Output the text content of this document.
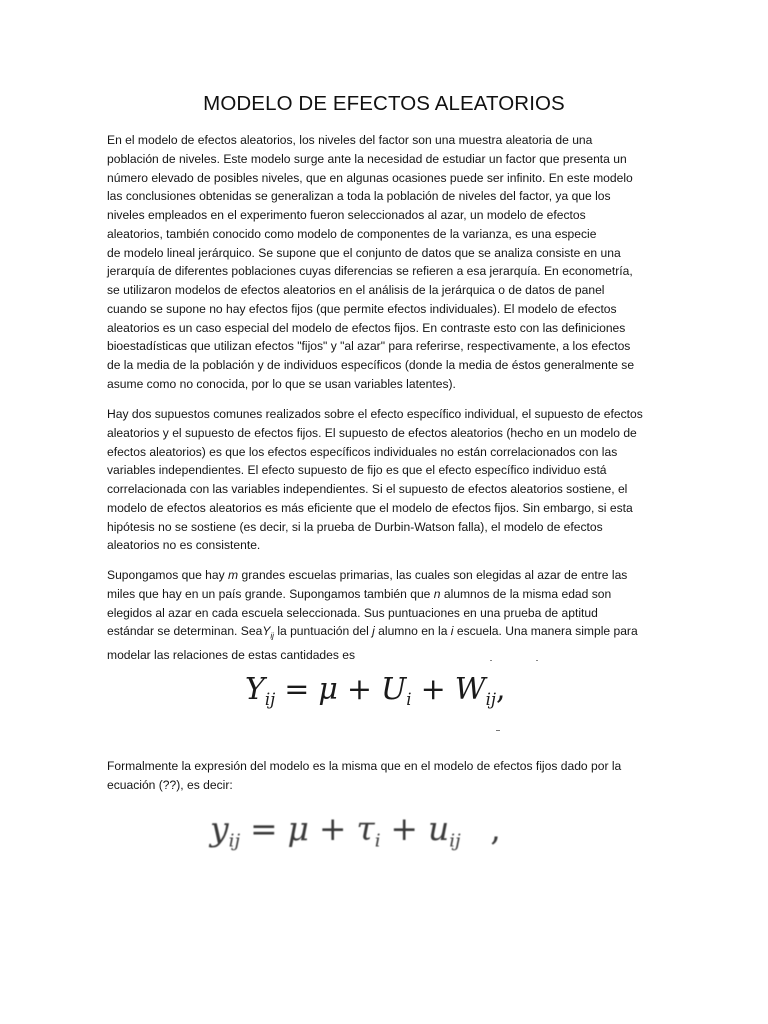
MODELO DE EFECTOS ALEATORIOS

En el modelo de efectos aleatorios, los niveles del factor son una muestra aleatoria de una
población de niveles. Este modelo surge ante la necesidad de estudiar un factor que presenta un
número elevado de posibles niveles, que en algunas ocasiones puede ser infinito. En este modelo
las conclusiones obtenidas se generalizan a toda la población de niveles del factor, ya que los
niveles empleados en el experimento fueron seleccionados al azar, un modelo de efectos
aleatorios, también conocido como modelo de componentes de la varianza, es una especie
de modelo lineal jerárquico. Se supone que el conjunto de datos que se analiza consiste en una
jerarquía de diferentes poblaciones cuyas diferencias se refieren a esa jerarquía. En econometría,
se utilizaron modelos de efectos aleatorios en el análisis de la jerárquica o de datos de panel
cuando se supone no hay efectos fijos (que permite efectos individuales). El modelo de efectos
aleatorios es un caso especial del modelo de efectos fijos. En contraste esto con las definiciones
bioestadísticas que utilizan efectos "fijos" y "al azar" para referirse, respectivamente, a los efectos
de la media de la población y de individuos específicos (donde la media de éstos generalmente se
asume como no conocida, por lo que se usan variables latentes).

Hay dos supuestos comunes realizados sobre el efecto específico individual, el supuesto de efectos
aleatorios y el supuesto de efectos fijos. El supuesto de efectos aleatorios (hecho en un modelo de
efectos aleatorios) es que los efectos específicos individuales no están correlacionados con las
variables independientes. El efecto supuesto de fijo es que el efecto específico individuo está
correlacionada con las variables independientes. Si el supuesto de efectos aleatorios sostiene, el
modelo de efectos aleatorios es más eficiente que el modelo de efectos fijos. Sin embargo, si esta
hipótesis no se sostiene (es decir, si la prueba de Durbin-Watson falla), el modelo de efectos
aleatorios no es consistente.

Supongamos que hay m grandes escuelas primarias, las cuales son elegidas al azar de entre las
miles que hay en un país grande. Supongamos también que n alumnos de la misma edad son
elegidos al azar en cada escuela seleccionada. Sus puntuaciones en una prueba de aptitud
estándar se determinan. SeaY$_{ij}$ la puntuación del j alumno en la i escuela. Una manera simple para
modelar las relaciones de estas cantidades es

$Y_{ij} = \mu + U_i + W_{ij}$,

Formalmente la expresión del modelo es la misma que en el modelo de efectos fijos dado por la
ecuación (??), es decir:

$y_{ij} = \mu + \tau_i + u_{ij}$ ,
